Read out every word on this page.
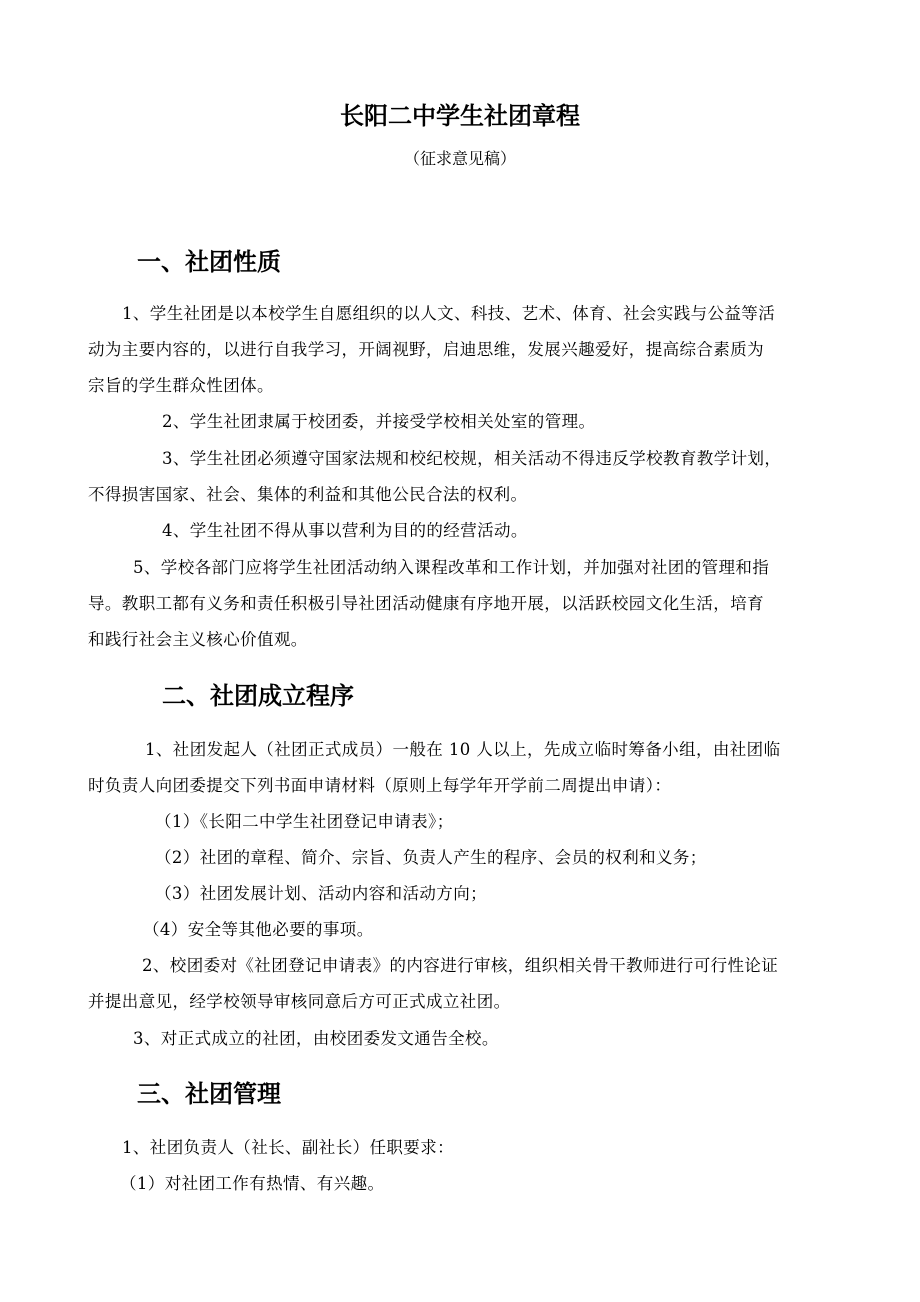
长阳二中学生社团章程
（征求意见稿）
一、社团性质
1、学生社团是以本校学生自愿组织的以人文、科技、艺术、体育、社会实践与公益等活
动为主要内容的，以进行自我学习，开阔视野，启迪思维，发展兴趣爱好，提高综合素质为
宗旨的学生群众性团体。
2、学生社团隶属于校团委，并接受学校相关处室的管理。
3、学生社团必须遵守国家法规和校纪校规，相关活动不得违反学校教育教学计划，
不得损害国家、社会、集体的利益和其他公民合法的权利。
4、学生社团不得从事以营利为目的的经营活动。
5、学校各部门应将学生社团活动纳入课程改革和工作计划，并加强对社团的管理和指
导。教职工都有义务和责任积极引导社团活动健康有序地开展，以活跃校园文化生活，培育
和践行社会主义核心价值观。
二、社团成立程序
1、社团发起人（社团正式成员）一般在 10 人以上，先成立临时筹备小组，由社团临
时负责人向团委提交下列书面申请材料（原则上每学年开学前二周提出申请）：
（1）《长阳二中学生社团登记申请表》；
（2）社团的章程、简介、宗旨、负责人产生的程序、会员的权利和义务；
（3）社团发展计划、活动内容和活动方向；
（4）安全等其他必要的事项。
2、校团委对《社团登记申请表》的内容进行审核，组织相关骨干教师进行可行性论证
并提出意见，经学校领导审核同意后方可正式成立社团。
3、对正式成立的社团，由校团委发文通告全校。
三、社团管理
1、社团负责人（社长、副社长）任职要求：
（1）对社团工作有热情、有兴趣。
